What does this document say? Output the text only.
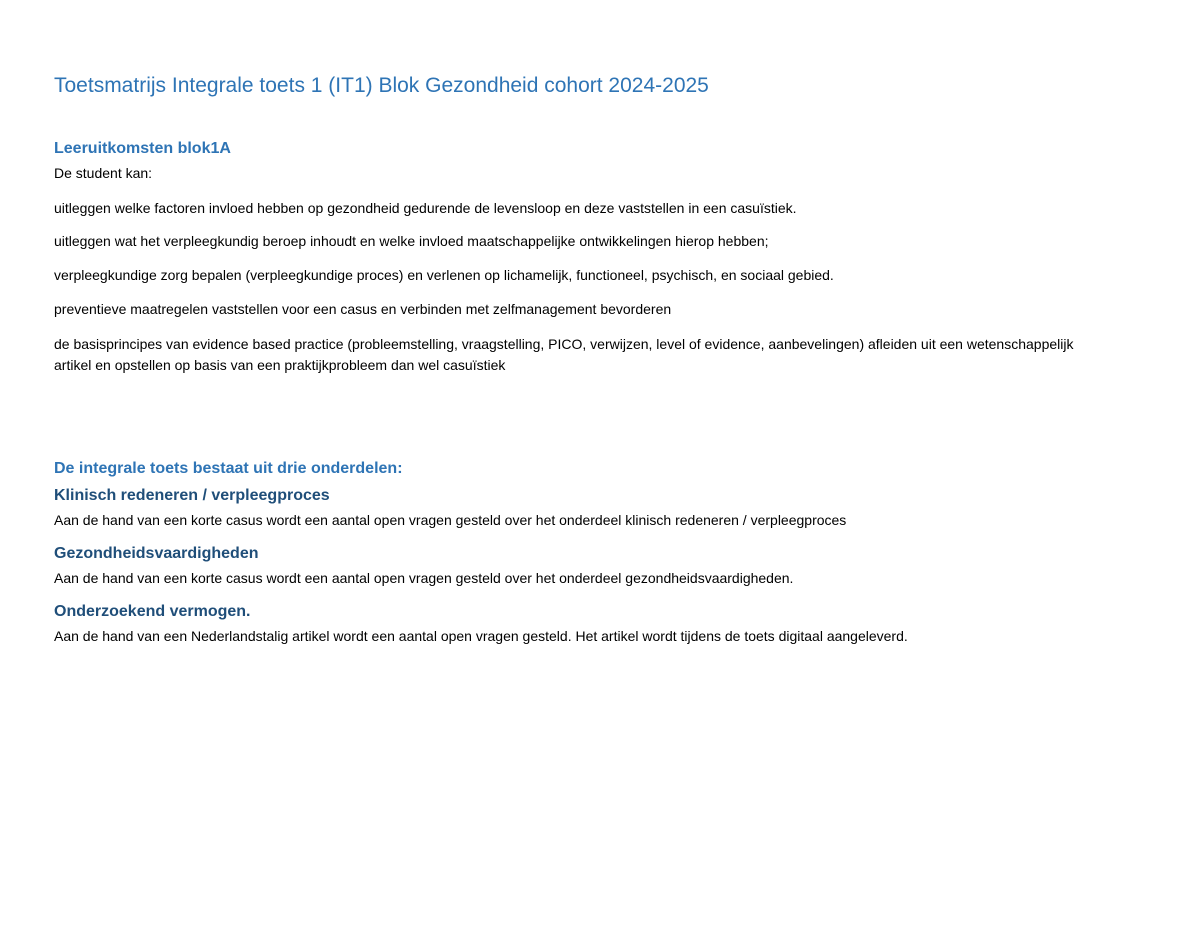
Toetsmatrijs Integrale toets 1 (IT1) Blok Gezondheid cohort 2024-2025
Leeruitkomsten blok1A

De student kan:

uitleggen welke factoren invloed hebben op gezondheid gedurende de levensloop en deze vaststellen in een casuïstiek.

uitleggen wat het verpleegkundig beroep inhoudt en welke invloed maatschappelijke ontwikkelingen hierop hebben;

verpleegkundige zorg bepalen (verpleegkundige proces) en verlenen op lichamelijk, functioneel, psychisch, en sociaal gebied.

preventieve maatregelen vaststellen voor een casus en verbinden met zelfmanagement bevorderen

de basisprincipes van evidence based practice (probleemstelling, vraagstelling, PICO, verwijzen, level of evidence, aanbevelingen) afleiden uit een wetenschappelijk artikel en opstellen op basis van een praktijkprobleem dan wel casuïstiek

De integrale toets bestaat uit drie onderdelen:
Klinisch redeneren / verpleegproces

Aan de hand van een korte casus wordt een aantal open vragen gesteld over het onderdeel klinisch redeneren / verpleegproces

Gezondheidsvaardigheden

Aan de hand van een korte casus wordt een aantal open vragen gesteld over het onderdeel gezondheidsvaardigheden.

Onderzoekend vermogen.

Aan de hand van een Nederlandstalig artikel wordt een aantal open vragen gesteld. Het artikel wordt tijdens de toets digitaal aangeleverd.
